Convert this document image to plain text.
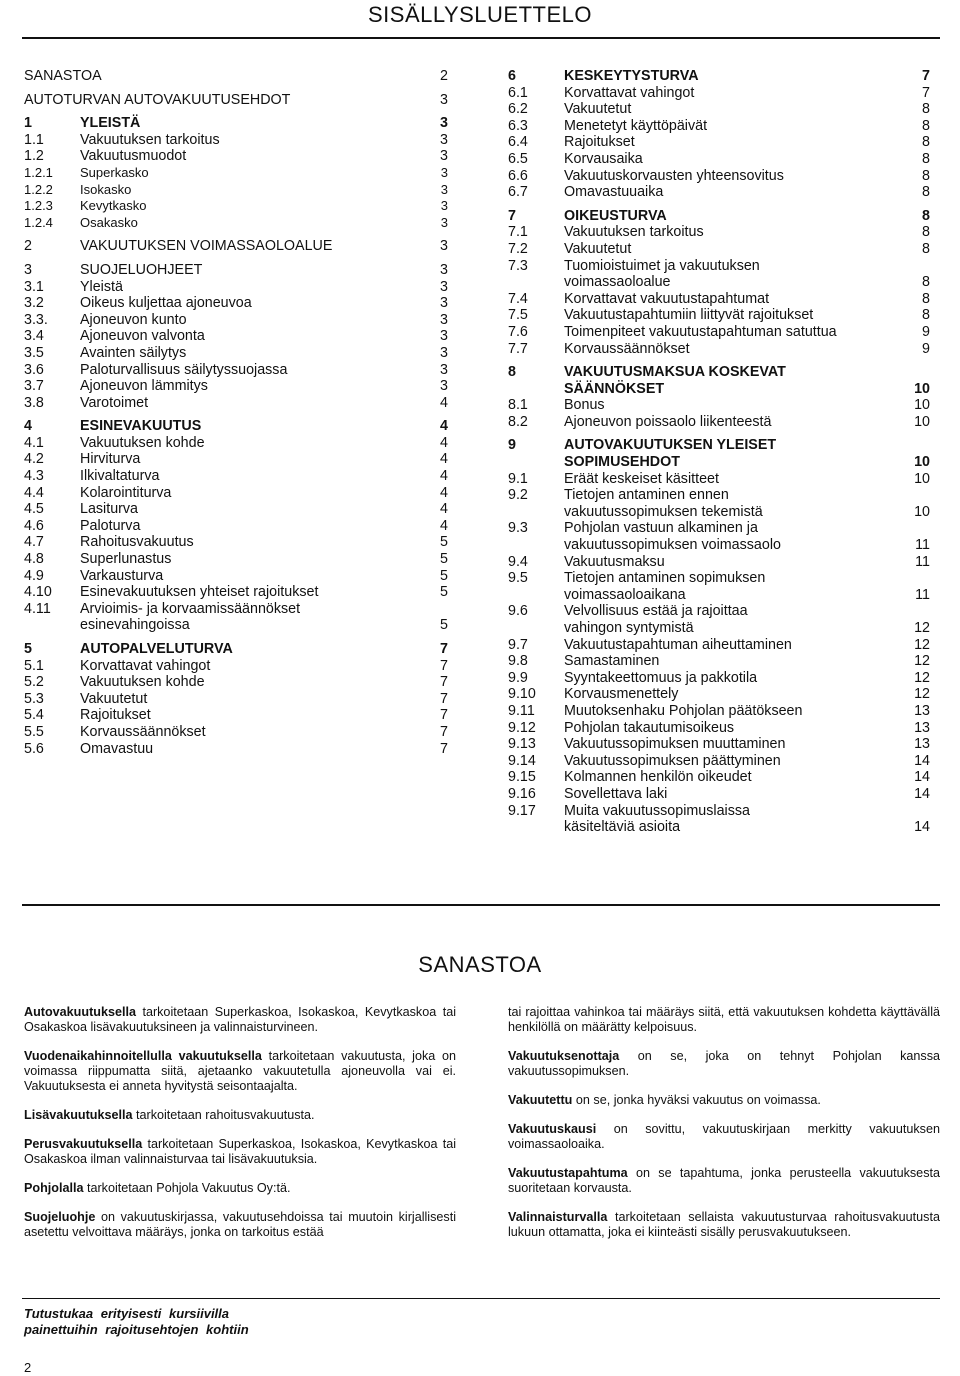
SISÄLLYSLUETTELO
SANASTOA	2
AUTOTURVAN AUTOVAKUUTUSEHDOT	3
1	YLEISTÄ	3
1.1	Vakuutuksen tarkoitus	3
1.2	Vakuutusmuodot	3
1.2.1	Superkasko	3
1.2.2	Isokasko	3
1.2.3	Kevytkasko	3
1.2.4	Osakasko	3
2	VAKUUTUKSEN VOIMASSAOLOALUE	3
3	SUOJELUOHJEET	3
3.1	Yleistä	3
3.2	Oikeus kuljettaa ajoneuvoa	3
3.3.	Ajoneuvon kunto	3
3.4	Ajoneuvon valvonta	3
3.5	Avainten säilytys	3
3.6	Paloturvallisuus säilytyssuojassa	3
3.7	Ajoneuvon lämmitys	3
3.8	Varotoimet	4
4	ESINEVAKUUTUS	4
4.1	Vakuutuksen kohde	4
4.2	Hirviturva	4
4.3	Ilkivaltaturva	4
4.4	Kolarointiturva	4
4.5	Lasiturva	4
4.6	Paloturva	4
4.7	Rahoitusvakuutus	5
4.8	Superlunastus	5
4.9	Varkausturva	5
4.10	Esinevakuutuksen yhteiset rajoitukset	5
4.11	Arvioimis- ja korvaamissäännökset
esinevahingoissa	5
5	AUTOPALVELUTURVA	7
5.1	Korvattavat vahingot	7
5.2	Vakuutuksen kohde	7
5.3	Vakuutetut	7
5.4	Rajoitukset	7
5.5	Korvaussäännökset	7
5.6	Omavastuu	7
6	KESKEYTYSTURVA	7
6.1	Korvattavat vahingot	7
6.2	Vakuutetut	8
6.3	Menetetyt käyttöpäivät	8
6.4	Rajoitukset	8
6.5	Korvausaika	8
6.6	Vakuutuskorvausten yhteensovitus	8
6.7	Omavastuuaika	8
7	OIKEUSTURVA	8
7.1	Vakuutuksen tarkoitus	8
7.2	Vakuutetut	8
7.3	Tuomioistuimet ja vakuutuksen
voimassaoloalue	8
7.4	Korvattavat vakuutustapahtumat	8
7.5	Vakuutustapahtumiin liittyvät rajoitukset	8
7.6	Toimenpiteet vakuutustapahtuman satuttua	9
7.7	Korvaussäännökset	9
8	VAKUUTUSMAKSUA KOSKEVAT
SÄÄNNÖKSET	10
8.1	Bonus	10
8.2	Ajoneuvon poissaolo liikenteestä	10
9	AUTOVAKUUTUKSEN YLEISET
SOPIMUSEHDOT	10
9.1	Eräät keskeiset käsitteet	10
9.2	Tietojen antaminen ennen
vakuutussopimuksen tekemistä	10
9.3	Pohjolan vastuun alkaminen ja
vakuutussopimuksen voimassaolo	11
9.4	Vakuutusmaksu	11
9.5	Tietojen antaminen sopimuksen
voimassaoloaikana	11
9.6	Velvollisuus estää ja rajoittaa
vahingon syntymistä	12
9.7	Vakuutustapahtuman aiheuttaminen	12
9.8	Samastaminen	12
9.9	Syyntakeettomuus ja pakkotila	12
9.10	Korvausmenettely	12
9.11	Muutoksenhaku Pohjolan päätökseen	13
9.12	Pohjolan takautumisoikeus	13
9.13	Vakuutussopimuksen muuttaminen	13
9.14	Vakuutussopimuksen päättyminen	14
9.15	Kolmannen henkilön oikeudet	14
9.16	Sovellettava laki	14
9.17	Muita vakuutussopimuslaissa
käsiteltäviä asioita	14
SANASTOA

Autovakuutuksella tarkoitetaan Superkaskoa, Isokaskoa, Kevytkaskoa tai Osakaskoa lisävakuutuksineen ja valinnaisturvineen.

Vuodenaikahinnoitellulla vakuutuksella tarkoitetaan vakuutusta, joka on voimassa riippumatta siitä, ajetaanko vakuutetulla ajoneuvolla vai ei. Vakuutuksesta ei anneta hyvitystä seisontaajalta.

Lisävakuutuksella tarkoitetaan rahoitusvakuutusta.

Perusvakuutuksella tarkoitetaan Superkaskoa, Isokaskoa, Kevytkaskoa tai Osakaskoa ilman valinnaisturvaa tai lisävakuutuksia.

Pohjolalla tarkoitetaan Pohjola Vakuutus Oy:tä.

Suojeluohje on vakuutuskirjassa, vakuutusehdoissa tai muutoin kirjallisesti asetettu velvoittava määräys, jonka on tarkoitus estää

tai rajoittaa vahinkoa tai määräys siitä, että vakuutuksen kohdetta käyttävällä henkilöllä on määrätty kelpoisuus.

Vakuutuksenottaja on se, joka on tehnyt Pohjolan kanssa vakuutussopimuksen.

Vakuutettu on se, jonka hyväksi vakuutus on voimassa.

Vakuutuskausi on sovittu, vakuutuskirjaan merkitty vakuutuksen voimassaoloaika.

Vakuutustapahtuma on se tapahtuma, jonka perusteella vakuutuksesta suoritetaan korvausta.

Valinnaisturvalla tarkoitetaan sellaista vakuutusturvaa rahoitusvakuutusta lukuun ottamatta, joka ei kiinteästi sisälly perusvakuutukseen.

Tutustukaa erityisesti kursiivilla
painettuihin rajoitusehtojen kohtiin
2
